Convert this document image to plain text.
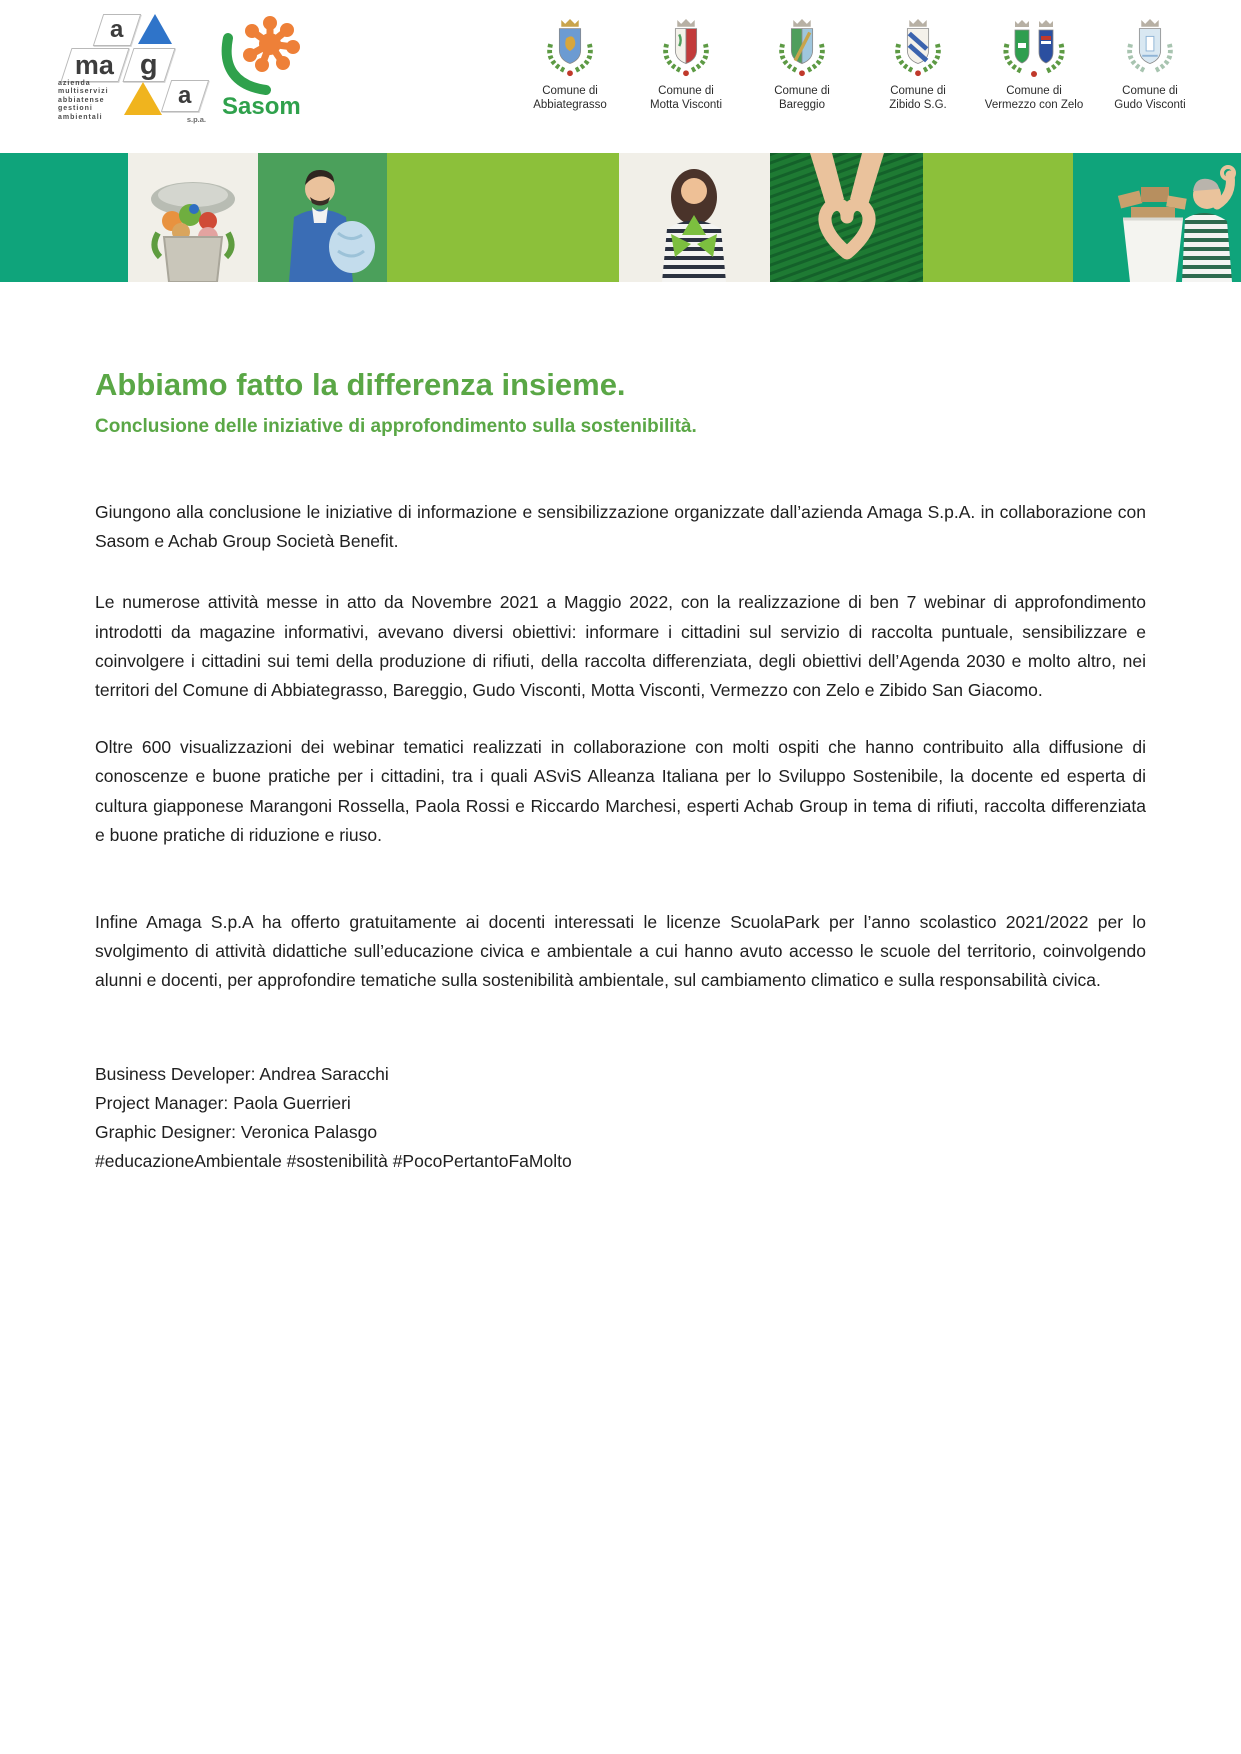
a
ma g
a
azienda
multiservizi
abbiatense
gestioni
ambientali	s.p.a. Sasom
Comune di
Abbiategrasso
Comune di
Motta Visconti
Comune di
Bareggio
Comune di
Zibido S.G.
Comune di
Vermezzo con Zelo
Comune di
Gudo Visconti
Abbiamo fatto la differenza insieme.
Conclusione delle iniziative di approfondimento sulla sostenibilità.

Giungono alla conclusione le iniziative di informazione e sensibilizzazione organizzate dall’azienda Amaga S.p.A. in collaborazione con Sasom e Achab Group Società Benefit.

Le numerose attività messe in atto da Novembre 2021 a Maggio 2022, con la realizzazione di ben 7 webinar di approfondimento introdotti da magazine informativi, avevano diversi obiettivi: informare i cittadini sul servizio di raccolta puntuale, sensibilizzare e coinvolgere i cittadini sui temi della produzione di rifiuti, della raccolta differenziata, degli obiettivi dell’Agenda 2030 e molto altro, nei territori del Comune di Abbiategrasso, Bareggio, Gudo Visconti, Motta Visconti, Vermezzo con Zelo e Zibido San Giacomo.

Oltre 600 visualizzazioni dei webinar tematici realizzati in collaborazione con molti ospiti che hanno contribuito alla diffusione di conoscenze e buone pratiche per i cittadini, tra i quali ASviS Alleanza Italiana per lo Sviluppo Sostenibile, la docente ed esperta di cultura giapponese Marangoni Rossella, Paola Rossi e Riccardo Marchesi, esperti Achab Group in tema di rifiuti, raccolta differenziata e buone pratiche di riduzione e riuso.

Infine Amaga S.p.A ha offerto gratuitamente ai docenti interessati le licenze ScuolaPark per l’anno scolastico 2021/2022 per lo svolgimento di attività didattiche sull’educazione civica e ambientale a cui hanno avuto accesso le scuole del territorio, coinvolgendo alunni e docenti, per approfondire tematiche sulla sostenibilità ambientale, sul cambiamento climatico e sulla responsabilità civica.

Business Developer: Andrea Saracchi
Project Manager: Paola Guerrieri
Graphic Designer: Veronica Palasgo
#educazioneAmbientale #sostenibilità #PocoPertantoFaMolto
